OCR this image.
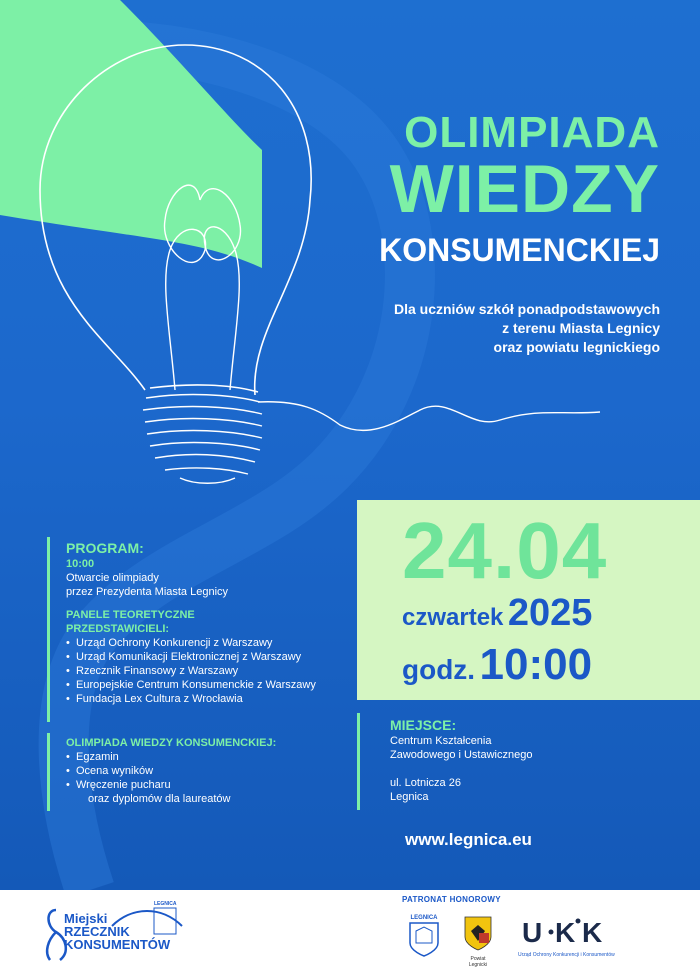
OLIMPIADA
WIEDZY
KONSUMENCKIEJ
Dla uczniów szkół ponadpodstawowych
z terenu Miasta Legnicy
oraz powiatu legnickiego
24.04
czwartek 2025
godz. 10:00
PROGRAM:
10:00
Otwarcie olimpiady
przez Prezydenta Miasta Legnicy
PANELE TEORETYCZNE
PRZEDSTAWICIELI:
• Urząd Ochrony Konkurencji z Warszawy
• Urząd Komunikacji Elektronicznej z Warszawy
• Rzecznik Finansowy z Warszawy
• Europejskie Centrum Konsumenckie z Warszawy
• Fundacja Lex Cultura z Wrocławia
OLIMPIADA WIEDZY KONSUMENCKIEJ:
• Egzamin
• Ocena wyników
• Wręczenie pucharu
oraz dyplomów dla laureatów
MIEJSCE:
Centrum Kształcenia
Zawodowego i Ustawicznego
ul. Lotnicza 26
Legnica
www.legnica.eu
LEGNICA
Miejski
RZECZNIK
KONSUMENTÓW
PATRONAT HONOROWY
LEGNICA
Powiat Legnicki
U K K
Urząd Ochrony Konkurencji i Konsumentów
